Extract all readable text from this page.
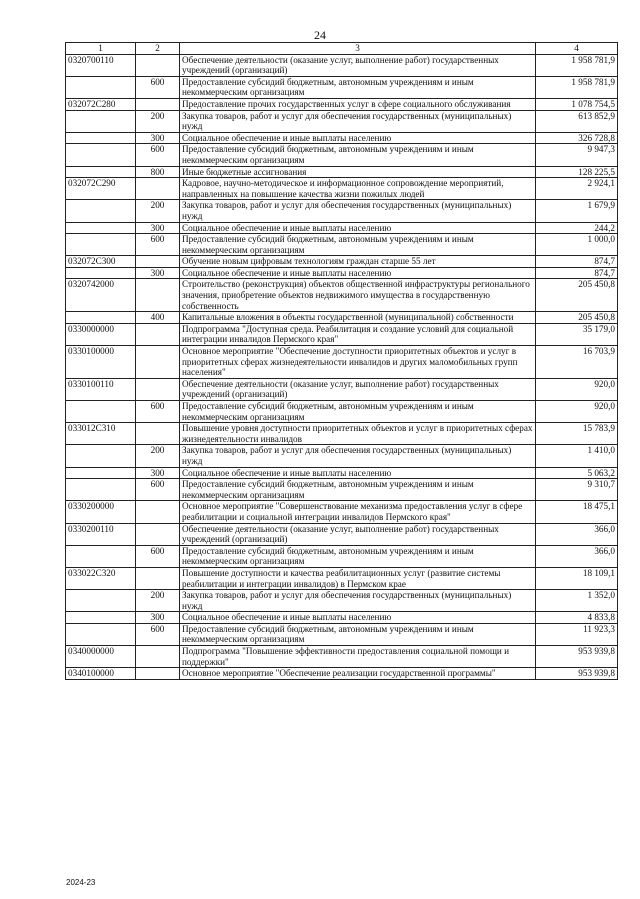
24
1	2	3	4
0320700110		Обеспечение деятельности (оказание услуг, выполнение работ) государственных учреждений (организаций)	1 958 781,9
	600	Предоставление субсидий бюджетным, автономным учреждениям и иным некоммерческим организациям	1 958 781,9
032072С280		Предоставление прочих государственных услуг в сфере социального обслуживания	1 078 754,5
	200	Закупка товаров, работ и услуг для обеспечения государственных (муниципальных) нужд	613 852,9
	300	Социальное обеспечение и иные выплаты населению	326 728,8
	600	Предоставление субсидий бюджетным, автономным учреждениям и иным некоммерческим организациям	9 947,3
	800	Иные бюджетные ассигнования	128 225,5
032072С290		Кадровое, научно-методическое и информационное сопровождение мероприятий, направленных на повышение качества жизни пожилых людей	2 924,1
	200	Закупка товаров, работ и услуг для обеспечения государственных (муниципальных) нужд	1 679,9
	300	Социальное обеспечение и иные выплаты населению	244,2
	600	Предоставление субсидий бюджетным, автономным учреждениям и иным некоммерческим организациям	1 000,0
032072С300		Обучение новым цифровым технологиям граждан старше 55 лет	874,7
	300	Социальное обеспечение и иные выплаты населению	874,7
0320742000		Строительство (реконструкция) объектов общественной инфраструктуры регионального значения, приобретение объектов недвижимого имущества в государственную собственность	205 450,8
	400	Капитальные вложения в объекты государственной (муниципальной) собственности	205 450,8
0330000000		Подпрограмма "Доступная среда. Реабилитация и создание условий для социальной интеграции инвалидов Пермского края"	35 179,0
0330100000		Основное мероприятие "Обеспечение доступности приоритетных объектов и услуг в приоритетных сферах жизнедеятельности инвалидов и других маломобильных групп населения"	16 703,9
0330100110		Обеспечение деятельности (оказание услуг, выполнение работ) государственных учреждений (организаций)	920,0
	600	Предоставление субсидий бюджетным, автономным учреждениям и иным некоммерческим организациям	920,0
033012С310		Повышение уровня доступности приоритетных объектов и услуг в приоритетных сферах жизнедеятельности инвалидов	15 783,9
	200	Закупка товаров, работ и услуг для обеспечения государственных (муниципальных) нужд	1 410,0
	300	Социальное обеспечение и иные выплаты населению	5 063,2
	600	Предоставление субсидий бюджетным, автономным учреждениям и иным некоммерческим организациям	9 310,7
0330200000		Основное мероприятие "Совершенствование механизма предоставления услуг в сфере реабилитации и социальной интеграции инвалидов Пермского края"	18 475,1
0330200110		Обеспечение деятельности (оказание услуг, выполнение работ) государственных учреждений (организаций)	366,0
	600	Предоставление субсидий бюджетным, автономным учреждениям и иным некоммерческим организациям	366,0
033022С320		Повышение доступности и качества реабилитационных услуг (развитие системы реабилитации и интеграции инвалидов) в Пермском крае	18 109,1
	200	Закупка товаров, работ и услуг для обеспечения государственных (муниципальных) нужд	1 352,0
	300	Социальное обеспечение и иные выплаты населению	4 833,8
	600	Предоставление субсидий бюджетным, автономным учреждениям и иным некоммерческим организациям	11 923,3
0340000000		Подпрограмма "Повышение эффективности предоставления социальной помощи и поддержки"	953 939,8
0340100000		Основное мероприятие "Обеспечение реализации государственной программы"	953 939,8
2024-23
